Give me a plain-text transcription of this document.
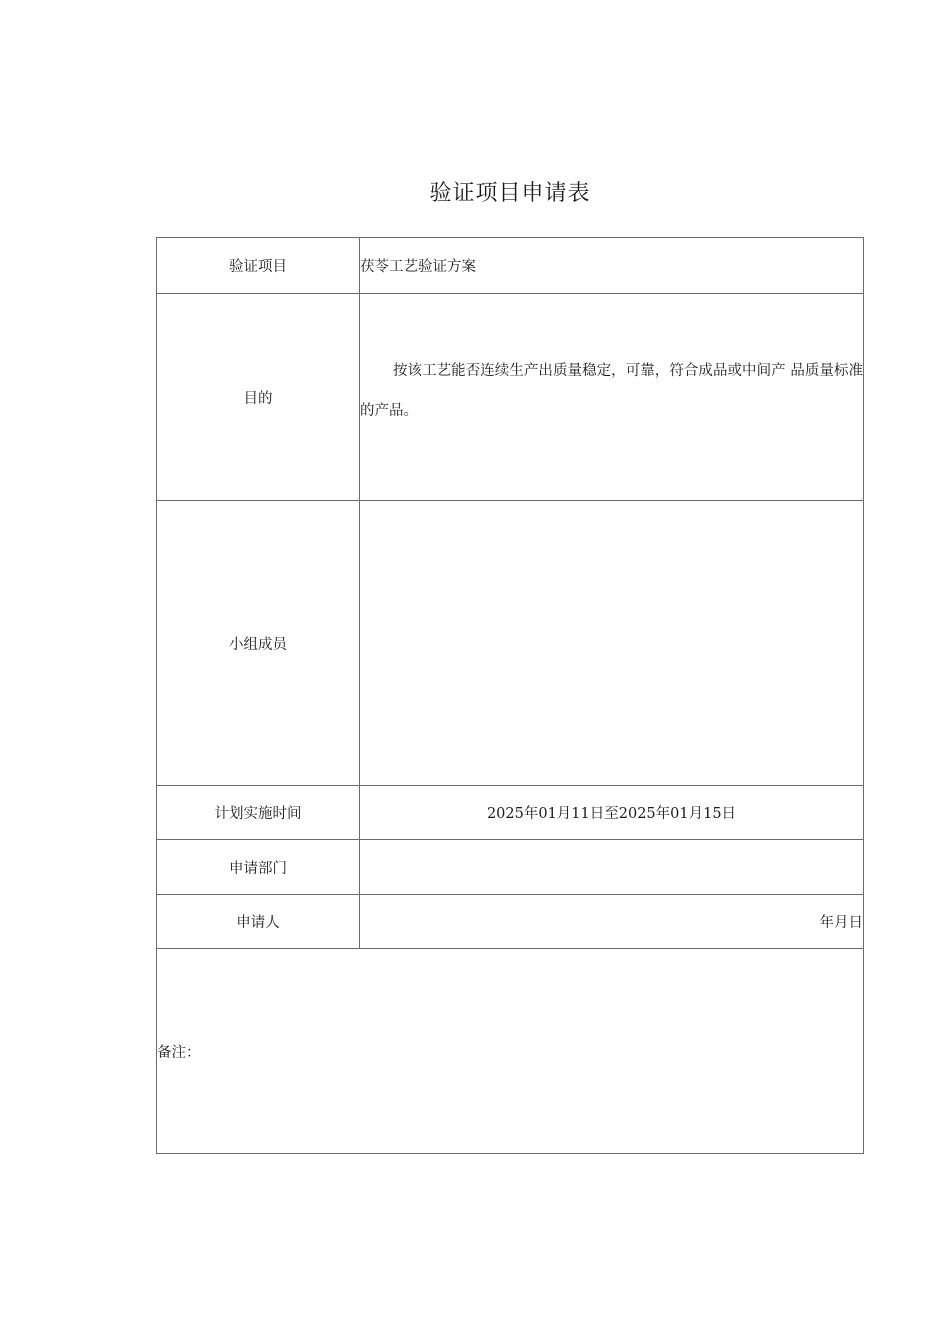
验证项目申请表
验证项目	茯苓工艺验证方案
目的	按该工艺能否连续生产出质量稳定，可靠，符合成品或中间产 品质量标准的产品。

小组成员	
计划实施时间	2025年01月11日至2025年01月15日
申请部门	
申请人	年月日
备注：	
